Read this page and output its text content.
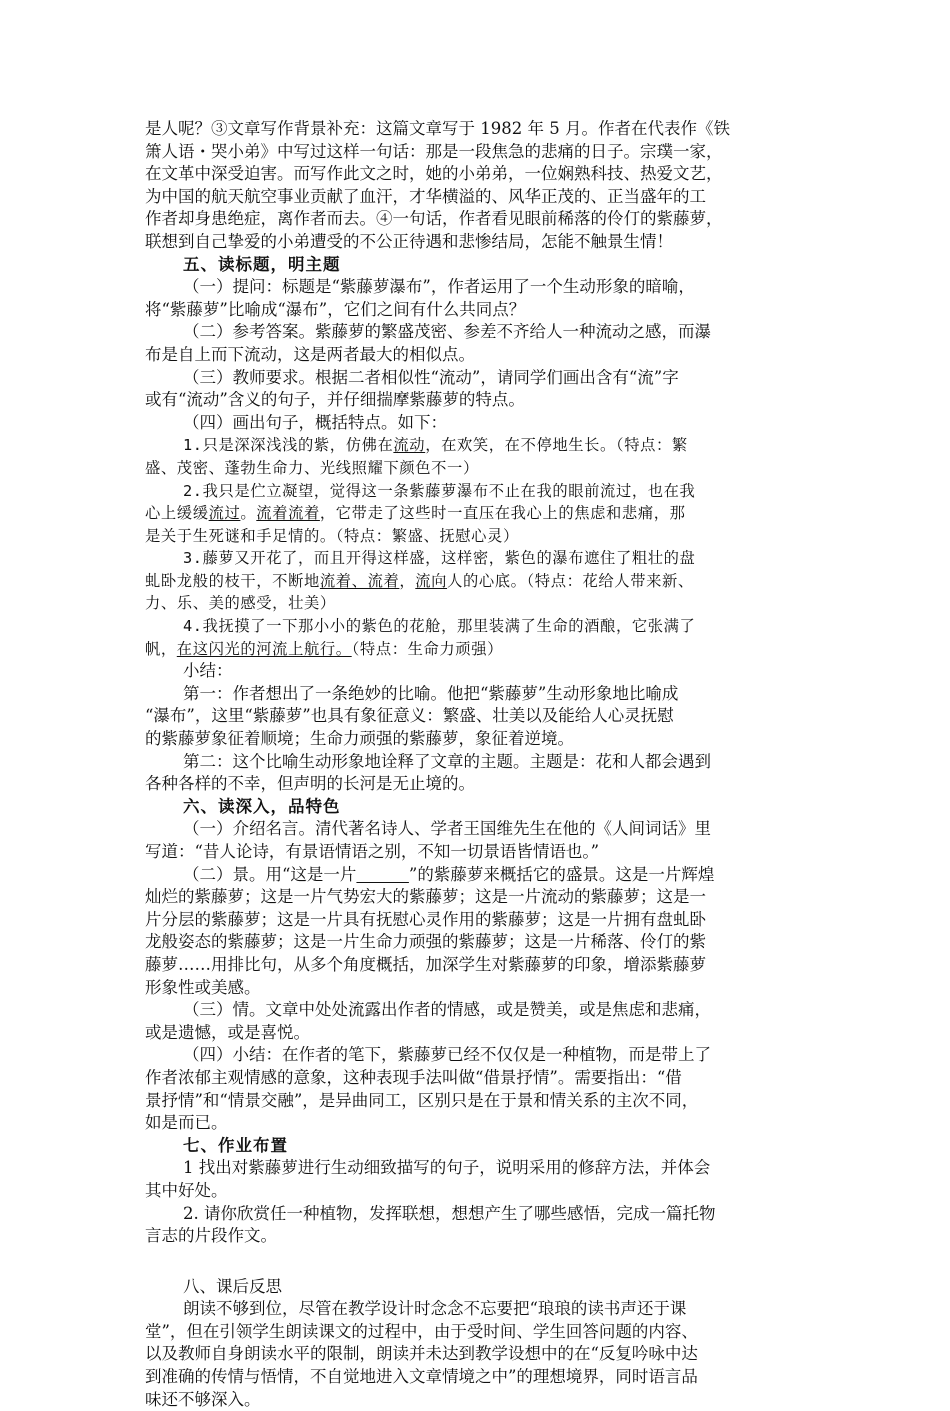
是人呢？③文章写作背景补充：这篇文章写于 1982 年 5 月。作者在代表作《铁
箫人语・哭小弟》中写过这样一句话：那是一段焦急的悲痛的日子。宗璞一家，
在文革中深受迫害。而写作此文之时，她的小弟弟，一位娴熟科技、热爱文艺，
为中国的航天航空事业贡献了血汗，才华横溢的、风华正茂的、正当盛年的工
作者却身患绝症，离作者而去。④一句话，作者看见眼前稀落的伶仃的紫藤萝，
联想到自己挚爱的小弟遭受的不公正待遇和悲惨结局，怎能不触景生情！
五、读标题，明主题
（一）提问：标题是“紫藤萝瀑布”，作者运用了一个生动形象的暗喻，
将“紫藤萝”比喻成“瀑布”，它们之间有什么共同点？
（二）参考答案。紫藤萝的繁盛茂密、参差不齐给人一种流动之感，而瀑
布是自上而下流动，这是两者最大的相似点。
（三）教师要求。根据二者相似性“流动”，请同学们画出含有“流”字
或有“流动”含义的句子，并仔细揣摩紫藤萝的特点。
（四）画出句子，概括特点。如下：
1.只是深深浅浅的紫，仿佛在流动，在欢笑，在不停地生长。（特点：繁
盛、茂密、蓬勃生命力、光线照耀下颜色不一）
2.我只是伫立凝望，觉得这一条紫藤萝瀑布不止在我的眼前流过，也在我
心上缓缓流过。流着流着，它带走了这些时一直压在我心上的焦虑和悲痛，那
是关于生死谜和手足情的。（特点：繁盛、抚慰心灵）
3.藤萝又开花了，而且开得这样盛，这样密，紫色的瀑布遮住了粗壮的盘
虬卧龙般的枝干，不断地流着、流着，流向人的心底。（特点：花给人带来新、
力、乐、美的感受，壮美）
4.我抚摸了一下那小小的紫色的花舱，那里装满了生命的酒酿，它张满了
帆，在这闪光的河流上航行。（特点：生命力顽强）
小结：
第一：作者想出了一条绝妙的比喻。他把“紫藤萝”生动形象地比喻成
“瀑布”，这里“紫藤萝”也具有象征意义：繁盛、壮美以及能给人心灵抚慰
的紫藤萝象征着顺境；生命力顽强的紫藤萝，象征着逆境。
第二：这个比喻生动形象地诠释了文章的主题。主题是：花和人都会遇到
各种各样的不幸，但声明的长河是无止境的。
六、读深入，品特色
（一）介绍名言。清代著名诗人、学者王国维先生在他的《人间词话》里
写道：“昔人论诗，有景语情语之别，不知一切景语皆情语也。”
（二）景。用“这是一片	”的紫藤萝来概括它的盛景。这是一片辉煌
灿烂的紫藤萝；这是一片气势宏大的紫藤萝；这是一片流动的紫藤萝；这是一
片分层的紫藤萝；这是一片具有抚慰心灵作用的紫藤萝；这是一片拥有盘虬卧
龙般姿态的紫藤萝；这是一片生命力顽强的紫藤萝；这是一片稀落、伶仃的紫
藤萝……用排比句，从多个角度概括，加深学生对紫藤萝的印象，增添紫藤萝
形象性或美感。
（三）情。文章中处处流露出作者的情感，或是赞美，或是焦虑和悲痛，
或是遗憾，或是喜悦。
（四）小结：在作者的笔下，紫藤萝已经不仅仅是一种植物，而是带上了
作者浓郁主观情感的意象，这种表现手法叫做“借景抒情”。需要指出：“借
景抒情”和“情景交融”，是异曲同工，区别只是在于景和情关系的主次不同，
如是而已。
七、作业布置
1 找出对紫藤萝进行生动细致描写的句子，说明采用的修辞方法，并体会
其中好处。
2. 请你欣赏任一种植物，发挥联想，想想产生了哪些感悟，完成一篇托物
言志的片段作文。
八、课后反思
朗读不够到位，尽管在教学设计时念念不忘要把“琅琅的读书声还于课
堂”，但在引领学生朗读课文的过程中，由于受时间、学生回答问题的内容、
以及教师自身朗读水平的限制，朗读并未达到教学设想中的在“反复吟咏中达
到准确的传情与悟情，不自觉地进入文章情境之中”的理想境界，同时语言品
味还不够深入。
